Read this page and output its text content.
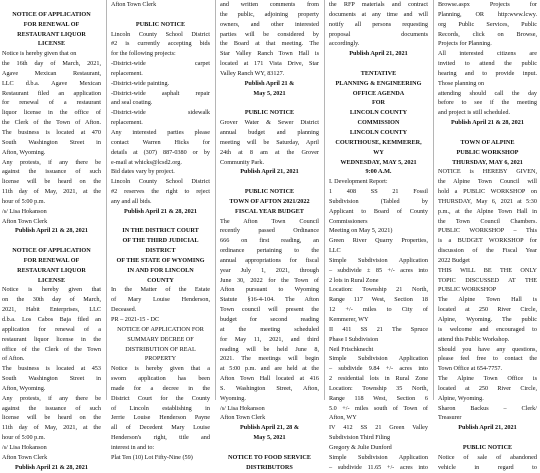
NOTICE OF APPLICATION
FOR RENEWAL OF
RESTAURANT LIQUOR
LICENSE
Notice is hereby given that on
the 16th day of March, 2021,
Agave Mexican Restaurant,
LLC d.b.a. Agave Mexican
Restaurant filed an application
for renewal of a restaurant
liquor license in the office of
the Clerk of the Town of Afton.
The business is located at 470
South Washington Street in
Afton, Wyoming.
Any protests, if any there be
against the issuance of such
license will be heard on the
11th day of May, 2021, at the
hour of 5:00 p.m.
/s/ Lisa Hokanson
Afton Town Clerk
Publish April 21 & 28, 2021
NOTICE OF APPLICATION
FOR RENEWAL OF
RESTAURANT LIQUOR
LICENSE
Notice is hereby given that
on the 30th day of March,
2021, Habit Enterprises, LLC
d.b.a. Los Cabos Baja filed an
application for renewal of a
restaurant liquor license in the
office of the Clerk of the Town
of Afton.
The business is located at 453
South Washington Street in
Afton, Wyoming.
Any protests, if any there be
against the issuance of such
license will be heard on the
11th day of May, 2021, at the
hour of 5:00 p.m.
/s/ Lisa Hokanson
Afton Town Clerk
Publish April 21 & 28, 2021
Afton Town Clerk
PUBLIC NOTICE
Lincoln County School District
#2 is currently accepting bids
for the following projects:
-District-wide carpet
replacement.
-District-wide painting.
-District-wide asphalt repair
and seal coating.
-District-wide sidewalk
replacement.
Any interested parties please
contact Warren Hicks for
details at (307) 887-0380 or by
e-mail at whicks@lcsd2.org.
Bid dates vary by project.
Lincoln County School District
#2 reserves the right to reject
any and all bids.
Publish April 21 & 28, 2021
IN THE DISTRICT COURT
OF THE THIRD JUDICIAL
DISTRICT
OF THE STATE OF WYOMING
IN AND FOR LINCOLN
COUNTY
In the Matter of the Estate
of Mary Louise Henderson,
Deceased.
PR – 2021-15 - DC
NOTICE OF APPLICATION FOR
SUMMARY DECREE OF
DISTRIBUTION OF REAL
PROPERTY
Notice is hereby given that a
sworn application has been
made for a decree in the
District Court for the County
of Lincoln establishing in
Jerrie Louise Henderson Payne
all of Decedent Mary Louise
Henderson's right, title and
interest in and to:
Plat Ten (10) Lot Fifty-Nine (59)
and written comments from
the public, adjoining property
owners, and other interested
parties will be considered by
the Board at that meeting. The
Star Valley Ranch Town Hall is
located at 171 Vista Drive, Star
Valley Ranch WY, 83127.
Publish April 21 &
May 5, 2021
PUBLIC NOTICE
Grover Water & Sewer District
annual budget and planning
meeting will be Saturday, April
24th at 8 am at the Grover
Community Park.
Publish April 21, 2021
PUBLIC NOTICE
TOWN OF AFTON 2021/2022
FISCAL YEAR BUDGET
The Afton Town Council
recently passed Ordinance
666 on first reading, an
ordinance pertaining to the
annual appropriations for fiscal
year July 1, 2021, through
June 30, 2022 for the Town of
Afton pursuant to Wyoming
Statute §16-4-104. The Afton
Town council will present the
budget for second reading
at the meeting scheduled
for May 11, 2021, and third
reading will be held June 8,
2021. The meetings will begin
at 5:00 p.m. and are held at the
Afton Town Hall located at 416
S. Washington Street, Afton,
Wyoming.
/s/ Lisa Hokanson
Afton Town Clerk
Publish April 21, 28 &
May 5, 2021
NOTICE TO FOOD SERVICE
DISTRIBUTORS
the RFP materials and contract
documents at any time and will
notify all persons requesting
proposal documents
accordingly.
Publish April 21, 2021
TENTATIVE
PLANNING & ENGINEERING
OFFICE AGENDA
FOR
LINCOLN COUNTY
COMMISSION
LINCOLN COUNTY
COURTHOUSE, KEMMERER,
WY
WEDNESDAY, MAY 5, 2021
9:00 A.M.
I. Development Report:
1 408 SS 21 Fossil
Subdivision (Tabled by
Applicant to Board of County
Commissioners
Meeting on May 5, 2021)
Green River Quarry Properties,
LLC
Simple Subdivision Application
– subdivide ± 85 +/- acres into
2 lots in Rural Zone
Location: Township 21 North,
Range 117 West, Section 18
12 +/- miles to City of
Kemmerer, WY
II 411 SS 21 The Spruce
Phase I Subdivision
Neil Frischknecht
Simple Subdivision Application
– subdivide 9.84 +/- acres into
2 residential lots in Rural Zone
Location: Township 35 North,
Range 118 West, Section 6
5.0 +/- miles south of Town of
Afton, WY
IV 412 SS 21 Green Valley
Subdivision Third Filing
Gregory & Julie Dunford
Simple Subdivision Application
– subdivide 11.65 +/- acres into
Browse.aspx Projects for
Planning, OR http:www.lcwy.
org Public Services, Public
Records, click on Browse,
Projects for Planning.
All interested citizens are
invited to attend the public
hearing and to provide input.
Those planning on
attending should call the day
before to see if the meeting
and project is still scheduled.
Publish April 21 & 28, 2021
TOWN OF ALPINE
PUBLIC WORKSHOP
THURSDAY, MAY 6, 2021
NOTICE is HEREBY GIVEN,
the Alpine Town Council will
hold a PUBLIC WORKSHOP on
THURSDAY, May 6, 2021 at 5:30
p.m., at the Alpine Town Hall in
the Town Council Chambers.
PUBLIC WORKSHOP – This
is a BUDGET WORKSHOP for
discussion of the Fiscal Year
2022 Budget
THIS WILL BE THE ONLY
TOPIC DISCUSSED AT THE
PUBLIC WORKSHOP
The Alpine Town Hall is
located at 250 River Circle,
Alpine, Wyoming. The public
is welcome and encouraged to
attend this Public Workshop.
Should you have any questions,
please feel free to contact the
Town Office at 654-7757.
The Alpine Town Office is
located at 250 River Circle,
Alpine, Wyoming.
Sharon Backus – Clerk/
Treasurer
Publish April 21, 2021
PUBLIC NOTICE
Notice of sale of abandoned
vehicle in regard to
